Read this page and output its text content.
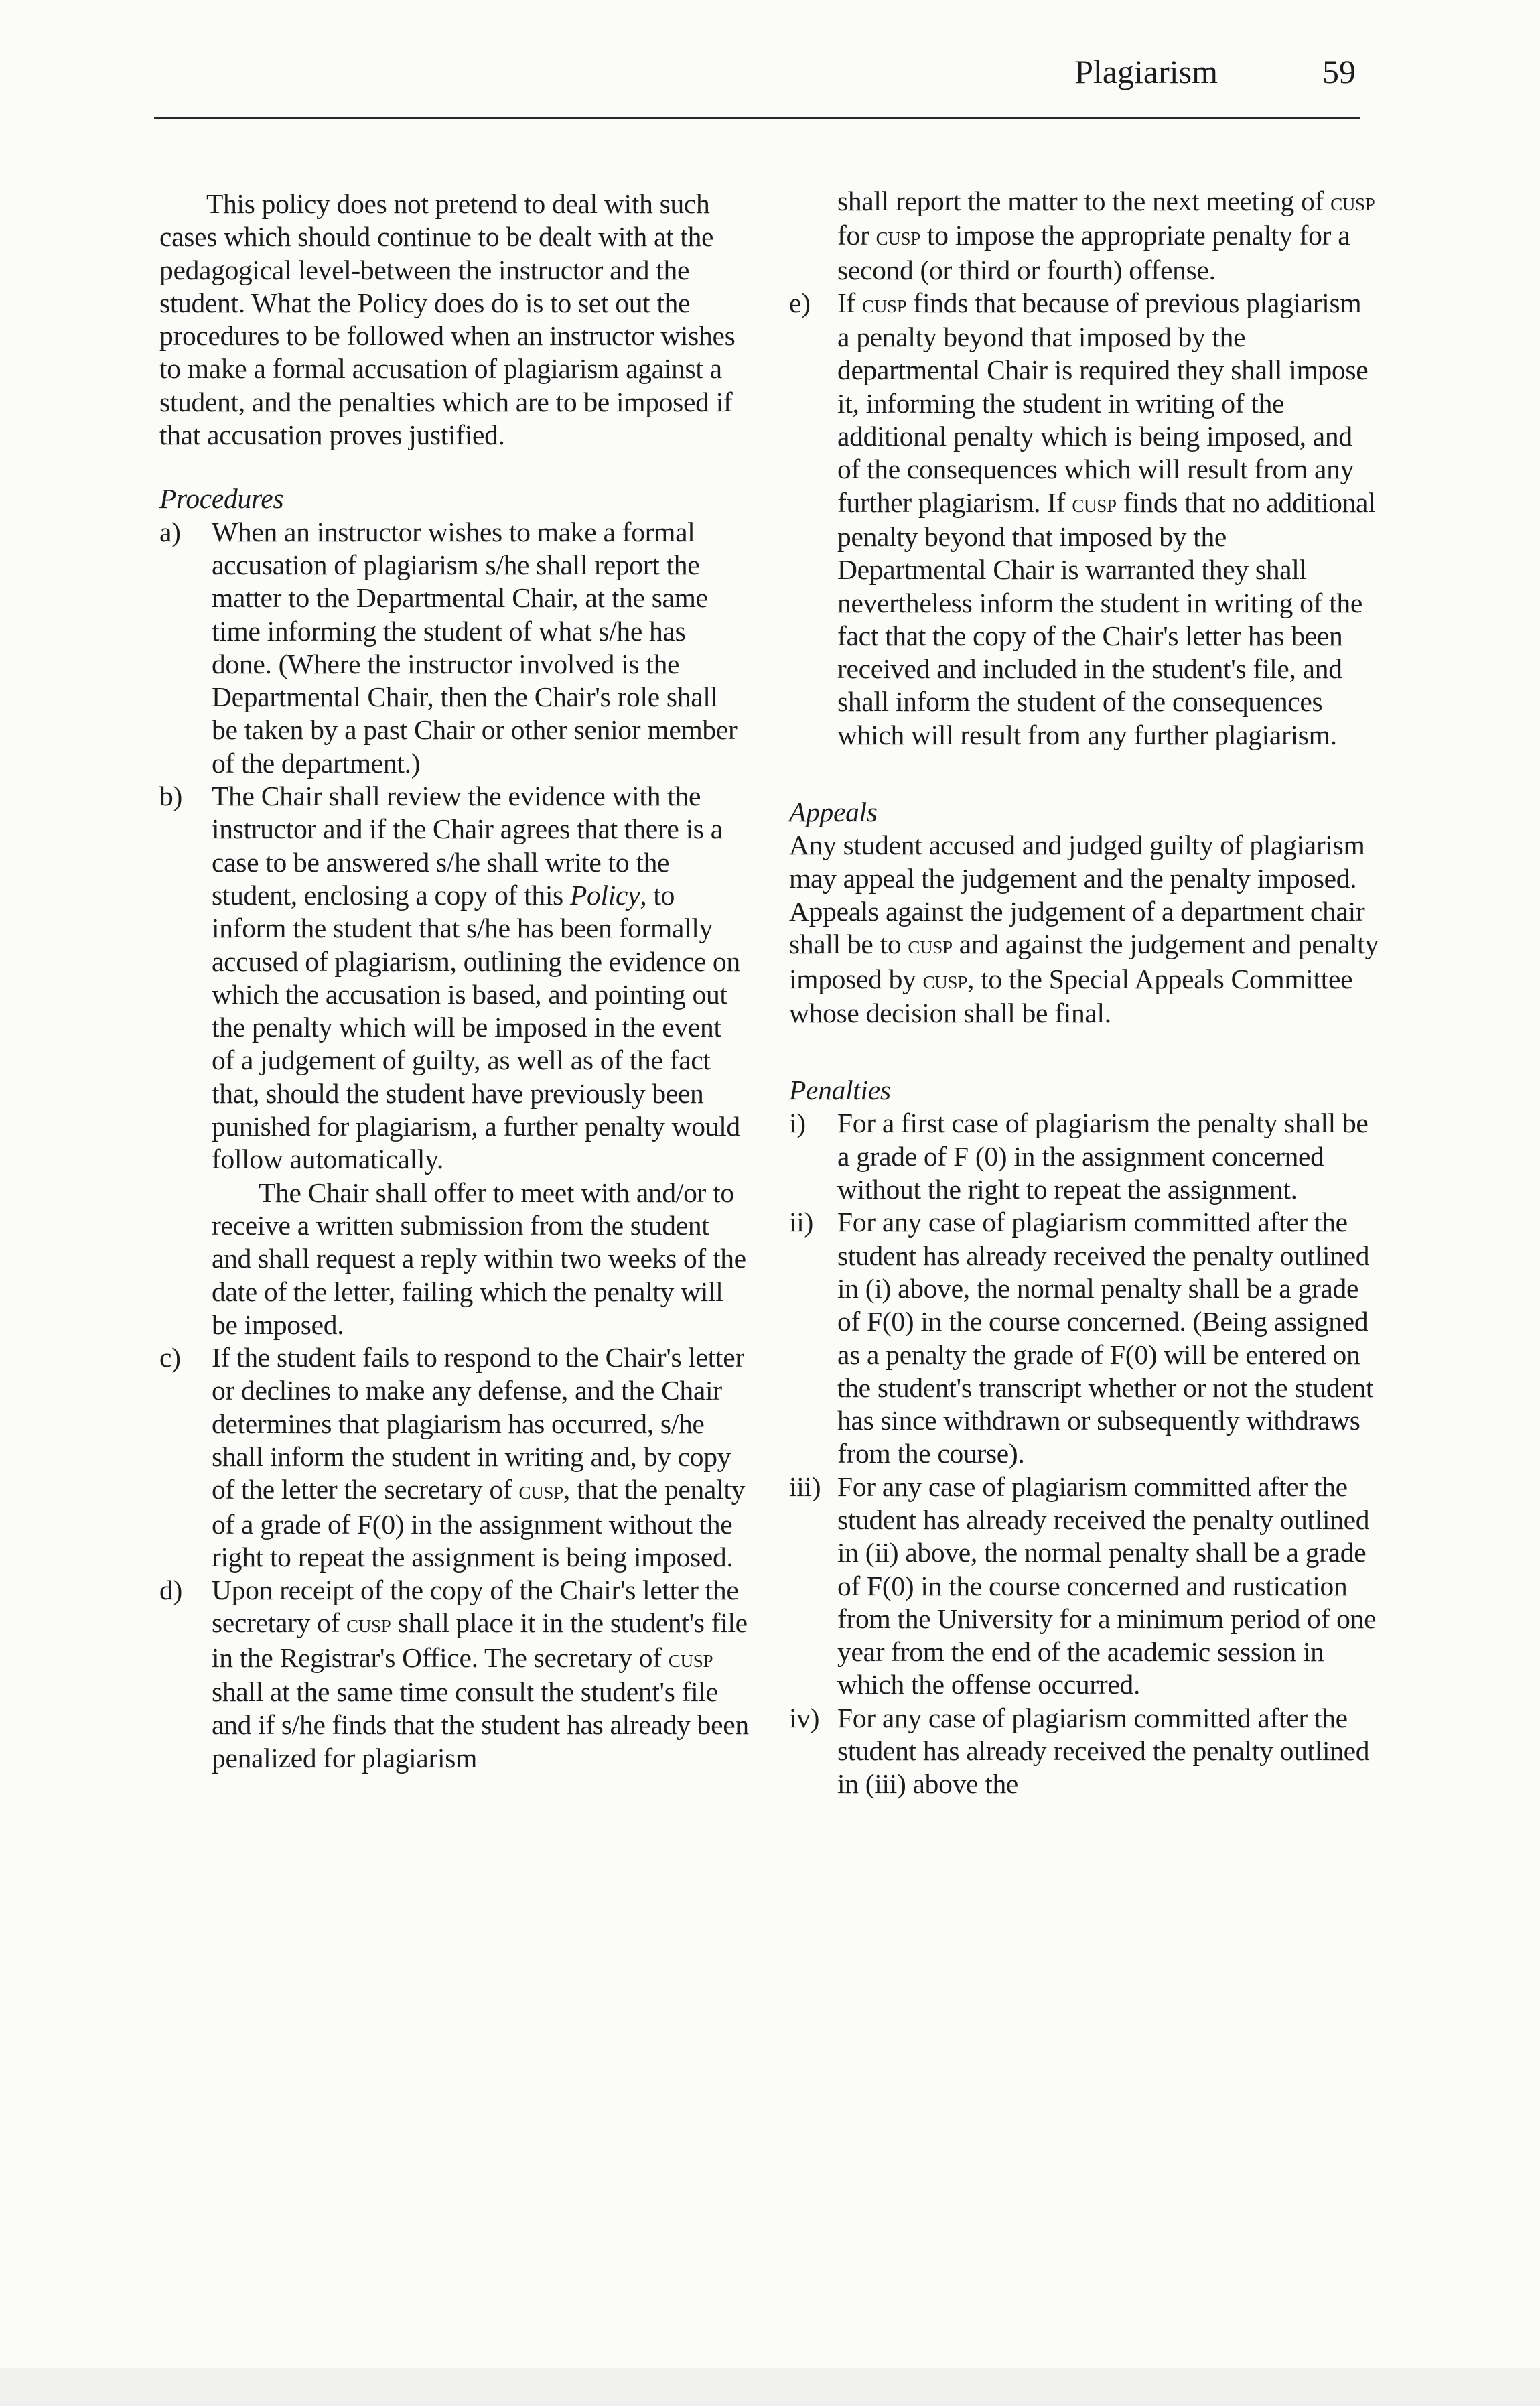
Plagiarism	59

This policy does not pretend to deal with such cases which should continue to be dealt with at the pedagogical level-between the instructor and the student. What the Policy does do is to set out the procedures to be followed when an instructor wishes to make a formal accusation of plagiarism against a student, and the penalties which are to be imposed if that accusation proves justified.

Procedures

a) When an instructor wishes to make a formal accusation of plagiarism s/he shall report the matter to the Departmental Chair, at the same time informing the student of what s/he has done. (Where the instructor involved is the Departmental Chair, then the Chair's role shall be taken by a past Chair or other senior member of the department.)

b) The Chair shall review the evidence with the instructor and if the Chair agrees that there is a case to be answered s/he shall write to the student, enclosing a copy of this Policy, to inform the student that s/he has been formally accused of plagiarism, outlining the evidence on which the accusation is based, and pointing out the penalty which will be imposed in the event of a judgement of guilty, as well as of the fact that, should the student have previously been punished for plagiarism, a further penalty would follow automatically.

The Chair shall offer to meet with and/or to receive a written submission from the student and shall request a reply within two weeks of the date of the letter, failing which the penalty will be imposed.

c) If the student fails to respond to the Chair's letter or declines to make any defense, and the Chair determines that plagiarism has occurred, s/he shall inform the student in writing and, by copy of the letter the secretary of cusp, that the penalty of a grade of F(0) in the assignment without the right to repeat the assignment is being imposed.

d) Upon receipt of the copy of the Chair's letter the secretary of cusp shall place it in the student's file in the Registrar's Office. The secretary of cusp shall at the same time consult the student's file and if s/he finds that the student has already been penalized for plagiarism

shall report the matter to the next meeting of cusp for cusp to impose the appropriate penalty for a second (or third or fourth) offense.

e) If cusp finds that because of previous plagiarism a penalty beyond that imposed by the departmental Chair is required they shall impose it, informing the student in writing of the additional penalty which is being imposed, and of the consequences which will result from any further plagiarism. If cusp finds that no additional penalty beyond that imposed by the Departmental Chair is warranted they shall nevertheless inform the student in writing of the fact that the copy of the Chair's letter has been received and included in the student's file, and shall inform the student of the consequences which will result from any further plagiarism.

Appeals

Any student accused and judged guilty of plagiarism may appeal the judgement and the penalty imposed. Appeals against the judgement of a department chair shall be to cusp and against the judgement and penalty imposed by cusp, to the Special Appeals Committee whose decision shall be final.

Penalties

i) For a first case of plagiarism the penalty shall be a grade of F (0) in the assignment concerned without the right to repeat the assignment.

ii) For any case of plagiarism committed after the student has already received the penalty outlined in (i) above, the normal penalty shall be a grade of F(0) in the course concerned. (Being assigned as a penalty the grade of F(0) will be entered on the student's transcript whether or not the student has since withdrawn or subsequently withdraws from the course).

iii) For any case of plagiarism committed after the student has already received the penalty outlined in (ii) above, the normal penalty shall be a grade of F(0) in the course concerned and rustication from the University for a minimum period of one year from the end of the academic session in which the offense occurred.

iv) For any case of plagiarism committed after the student has already received the penalty outlined in (iii) above the
